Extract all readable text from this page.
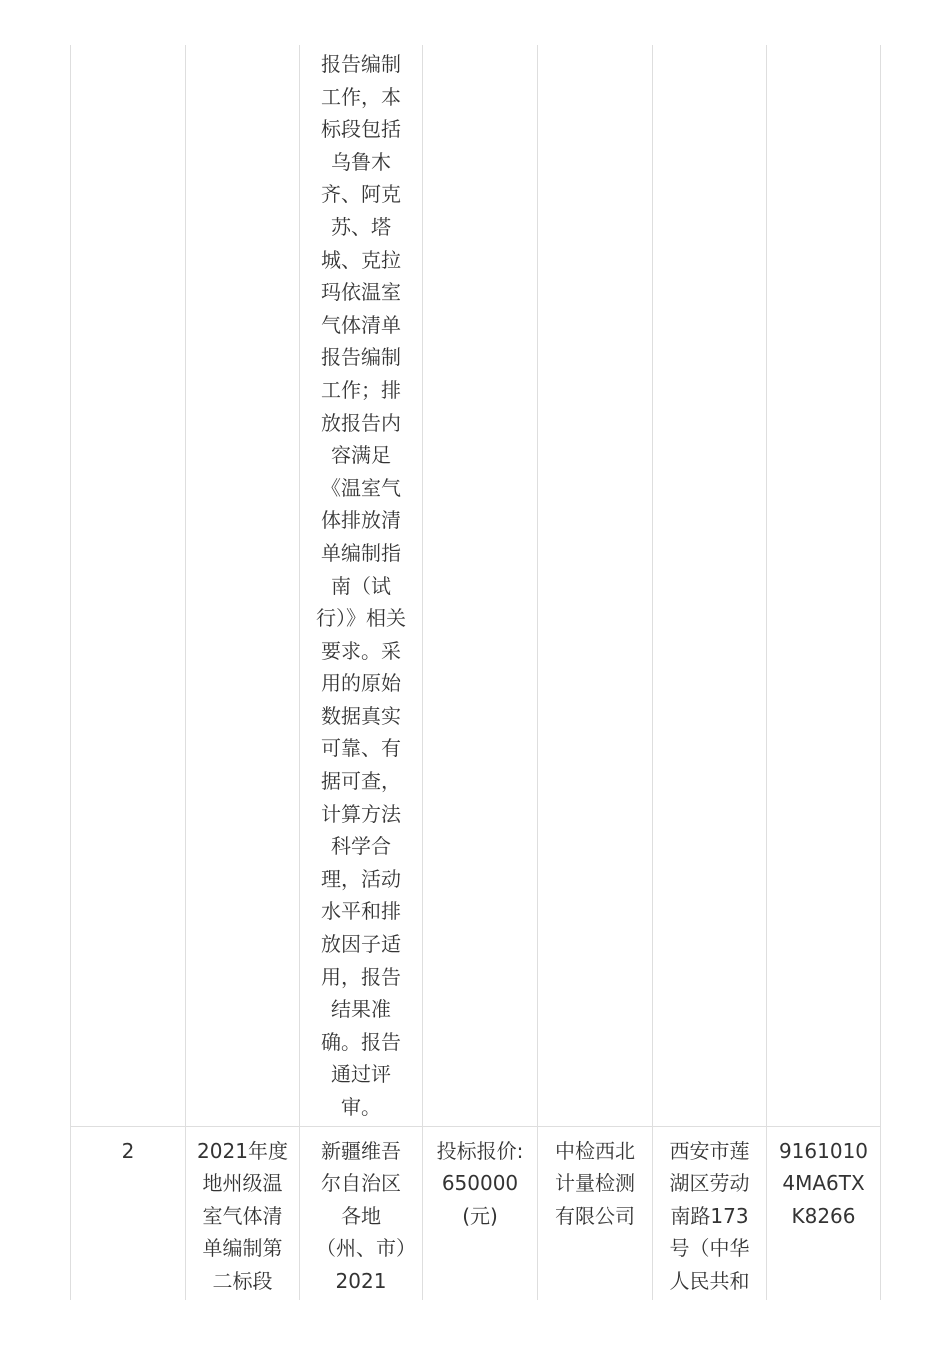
		报告编制工作，本标段包括乌鲁木齐、阿克苏、塔城、克拉玛依温室气体清单报告编制工作；排放报告内容满足《温室气体排放清单编制指南（试行）》相关要求。采用的原始数据真实可靠、有据可查，计算方法科学合理，活动水平和排放因子适用，报告结果准确。报告通过评审。				

2	2021年度地州级温室气体清单编制第二标段	新疆维吾尔自治区各地（州、市）2021	投标报价:650000(元)	中检西北计量检测有限公司	西安市莲湖区劳动南路173号（中华人民共和	91610104MA6TXK8266
